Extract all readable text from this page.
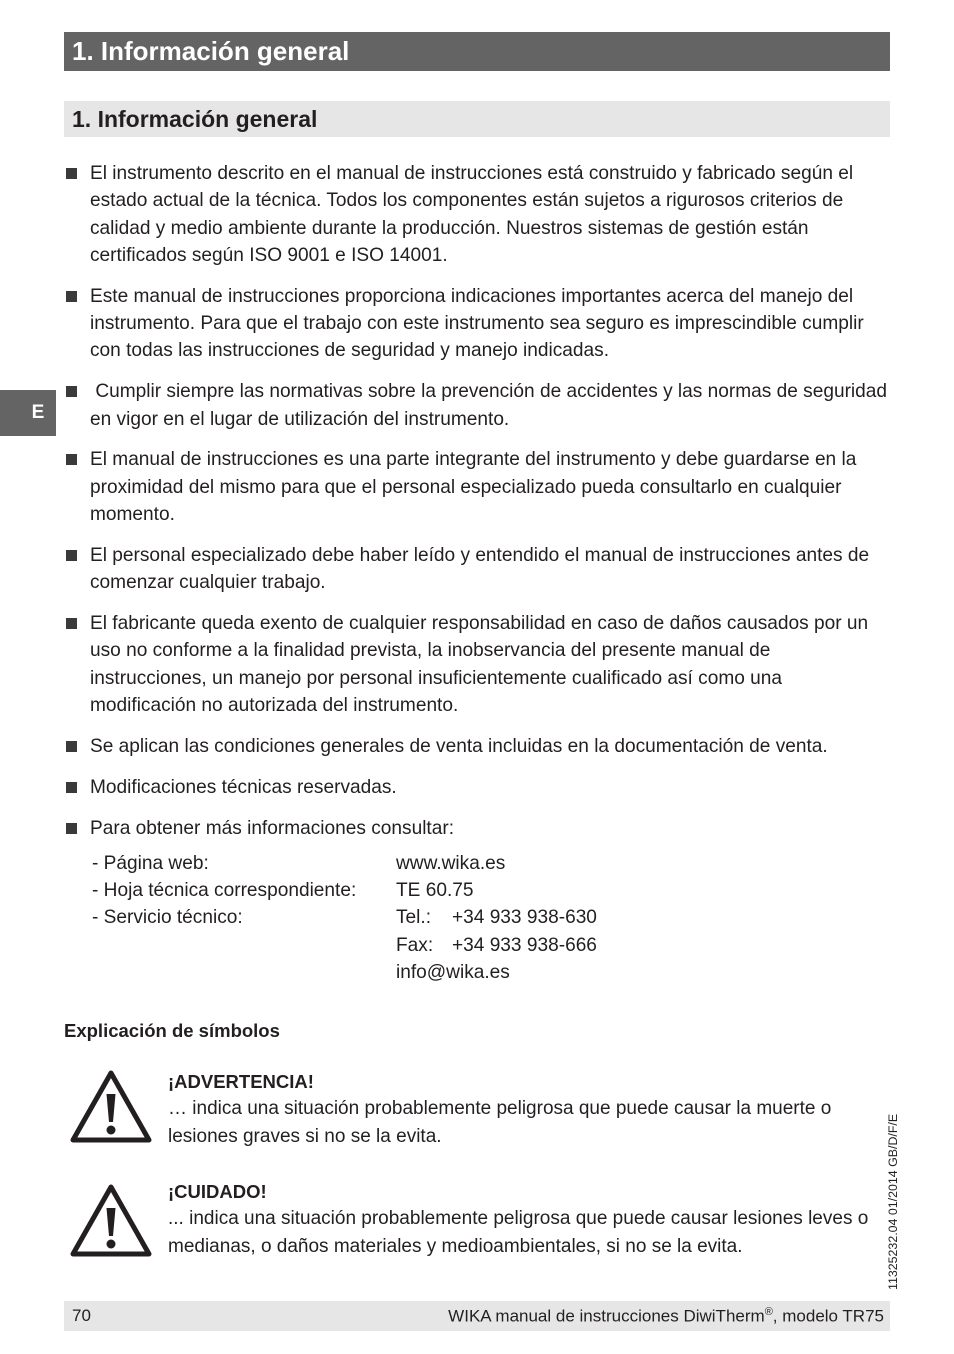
1. Información general
1. Información general
E
El instrumento descrito en el manual de instrucciones está construido y fabricado según el estado actual de la técnica. Todos los componentes están sujetos a rigurosos criterios de calidad y medio ambiente durante la producción. Nuestros sistemas de gestión están certificados según ISO 9001 e ISO 14001.
Este manual de instrucciones proporciona indicaciones importantes acerca del manejo del instrumento. Para que el trabajo con este instrumento sea seguro es imprescindible cumplir con todas las instrucciones de seguridad y manejo indicadas.
Cumplir siempre las normativas sobre la prevención de accidentes y las normas de seguridad en vigor en el lugar de utilización del instrumento.
El manual de instrucciones es una parte integrante del instrumento y debe guardarse en la proximidad del mismo para que el personal especializado pueda consultarlo en cualquier momento.
El personal especializado debe haber leído y entendido el manual de instrucciones antes de comenzar cualquier trabajo.
El fabricante queda exento de cualquier responsabilidad en caso de daños causados por un uso no conforme a la finalidad prevista, la inobservancia del presente manual de instrucciones, un manejo por personal insuficientemente cualificado así como una modificación no autorizada del instrumento.
Se aplican las condiciones generales de venta incluidas en la documentación de venta.
Modificaciones técnicas reservadas.
Para obtener más informaciones consultar:
- Página web:	www.wika.es
- Hoja técnica correspondiente:	TE 60.75
- Servicio técnico:	Tel.: +34 933 938-630
Fax: +34 933 938-666
info@wika.es
Explicación de símbolos
¡ADVERTENCIA!
… indica una situación probablemente peligrosa que puede causar la muerte o lesiones graves si no se la evita.
¡CUIDADO!
... indica una situación probablemente peligrosa que puede causar lesiones leves o medianas, o daños materiales y medioambientales, si no se la evita.	11325232.04 01/2014 GB/D/F/E
70	WIKA manual de instrucciones DiwiTherm®, modelo TR75
